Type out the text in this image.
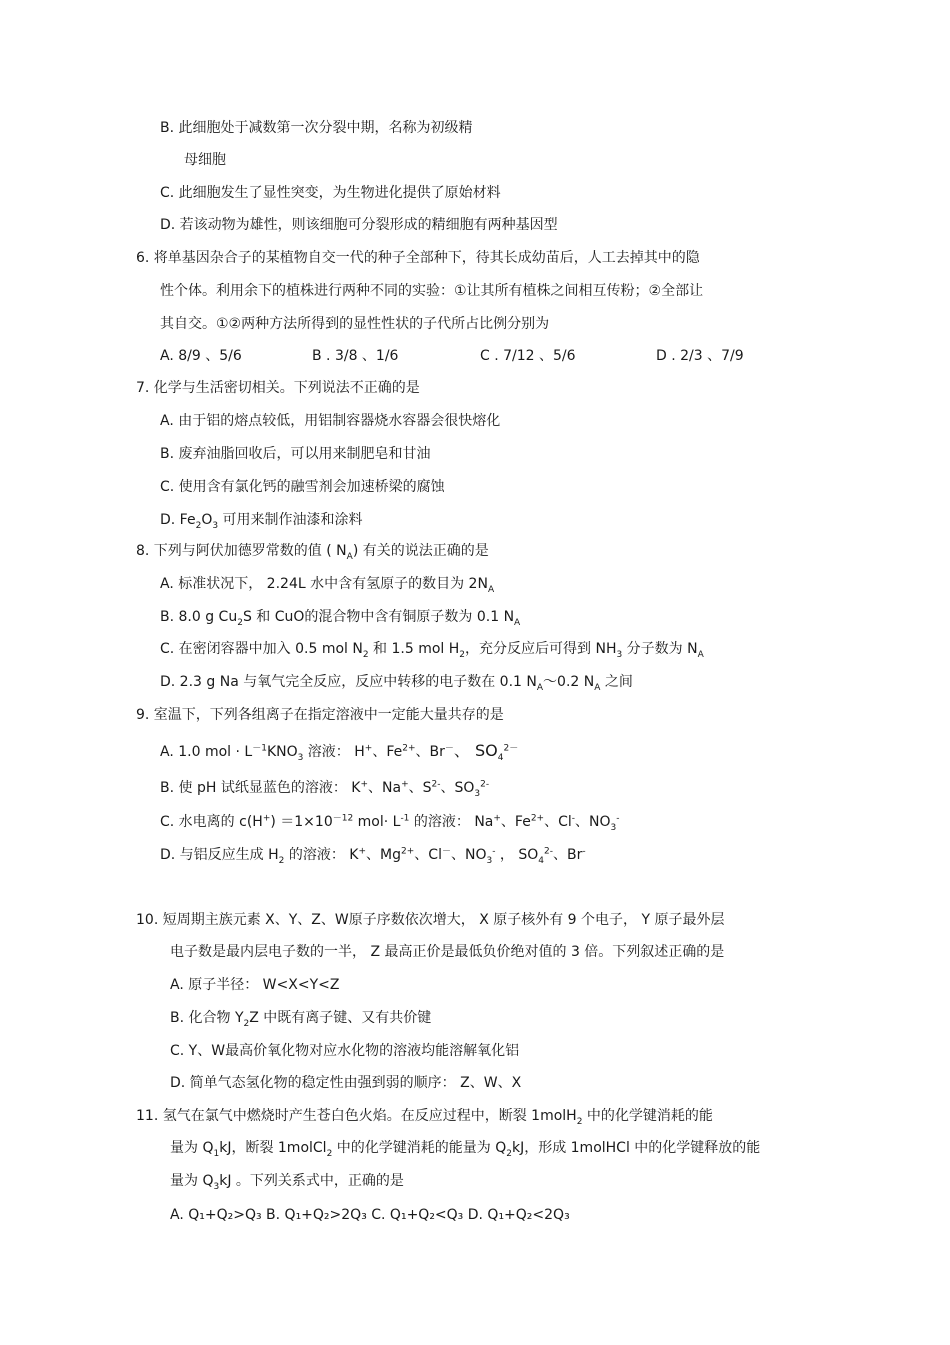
B. 此细胞处于减数第一次分裂中期，名称为初级精
母细胞
C. 此细胞发生了显性突变，为生物进化提供了原始材料
D. 若该动物为雄性，则该细胞可分裂形成的精细胞有两种基因型
6. 将单基因杂合子的某植物自交一代的种子全部种下，待其长成幼苗后，人工去掉其中的隐
性个体。利用余下的植株进行两种不同的实验：①让其所有植株之间相互传粉；②全部让
其自交。①②两种方法所得到的显性性状的子代所占比例分别为
A. 8/9 、5/6	B . 3/8 、1/6	C . 7/12 、5/6	D . 2/3 、7/9
7. 化学与生活密切相关。下列说法不正确的是
A. 由于铝的熔点较低，用铝制容器烧水容器会很快熔化
B. 废弃油脂回收后，可以用来制肥皂和甘油
C. 使用含有氯化钙的融雪剂会加速桥梁的腐蚀
D. $Fe_2O_3$ 可用来制作油漆和涂料
8. 下列与阿伏加德罗常数的值 ( $N_A$) 有关的说法正确的是
A. 标准状况下， 2.24L 水中含有氢原子的数目为 $2N_A$
B. 8.0 g $Cu_2S$ 和 CuO的混合物中含有铜原子数为 0.1 $N_A$
C. 在密闭容器中加入 0.5 mol $N_2$ 和 1.5 mol $H_2$，充分反应后可得到 $NH_3$ 分子数为 $N_A$
D. 2.3 g Na 与氧气完全反应，反应中转移的电子数在 0.1 $N_A\sim 0.2$ $N_A$ 之间
9. 室温下，下列各组离子在指定溶液中一定能大量共存的是
A. 1.0 mol · $L^{-1}KNO_3$ 溶液： H+、$Fe^{2+}$、Br－、 $SO_4^{2-}$
B. 使 pH 试纸显蓝色的溶液： K+、Na+、$S^{2-}$、$SO_3^{2-}$
C. 水电离的 $c(H^+) =1\times 10^{-12}$ $mol\cdot L^{-1}$ 的溶液： Na+、$Fe^{2+}$、Cl-、$NO_3^-$
D. 与铝反应生成 $H_2$ 的溶液： K+、$Mg^{2+}$、Cl－、$NO_3^-$ ， $SO_4^{2-}$、Br-
10. 短周期主族元素 X、Y、Z、W原子序数依次增大， X 原子核外有 9 个电子， Y 原子最外层
电子数是最内层电子数的一半， Z 最高正价是最低负价绝对值的 3 倍。下列叙述正确的是
A. 原子半径： W<X<Y<Z
B. 化合物 $Y_2Z$ 中既有离子键、又有共价键
C. Y、W最高价氧化物对应水化物的溶液均能溶解氧化铝
D. 简单气态氢化物的稳定性由强到弱的顺序： Z、W、X
11. 氢气在氯气中燃烧时产生苍白色火焰。在反应过程中，断裂 1molH$_2$ 中的化学键消耗的能
量为 $Q_1kJ$，断裂 1molCl$_2$ 中的化学键消耗的能量为 $Q_2kJ$，形成 1molHCl 中的化学键释放的能
量为 $Q_3kJ$ 。下列关系式中，正确的是
A. Q₁+Q₂>Q₃ B. Q₁+Q₂>2Q₃ C. Q₁+Q₂<Q₃ D. Q₁+Q₂<2Q₃
